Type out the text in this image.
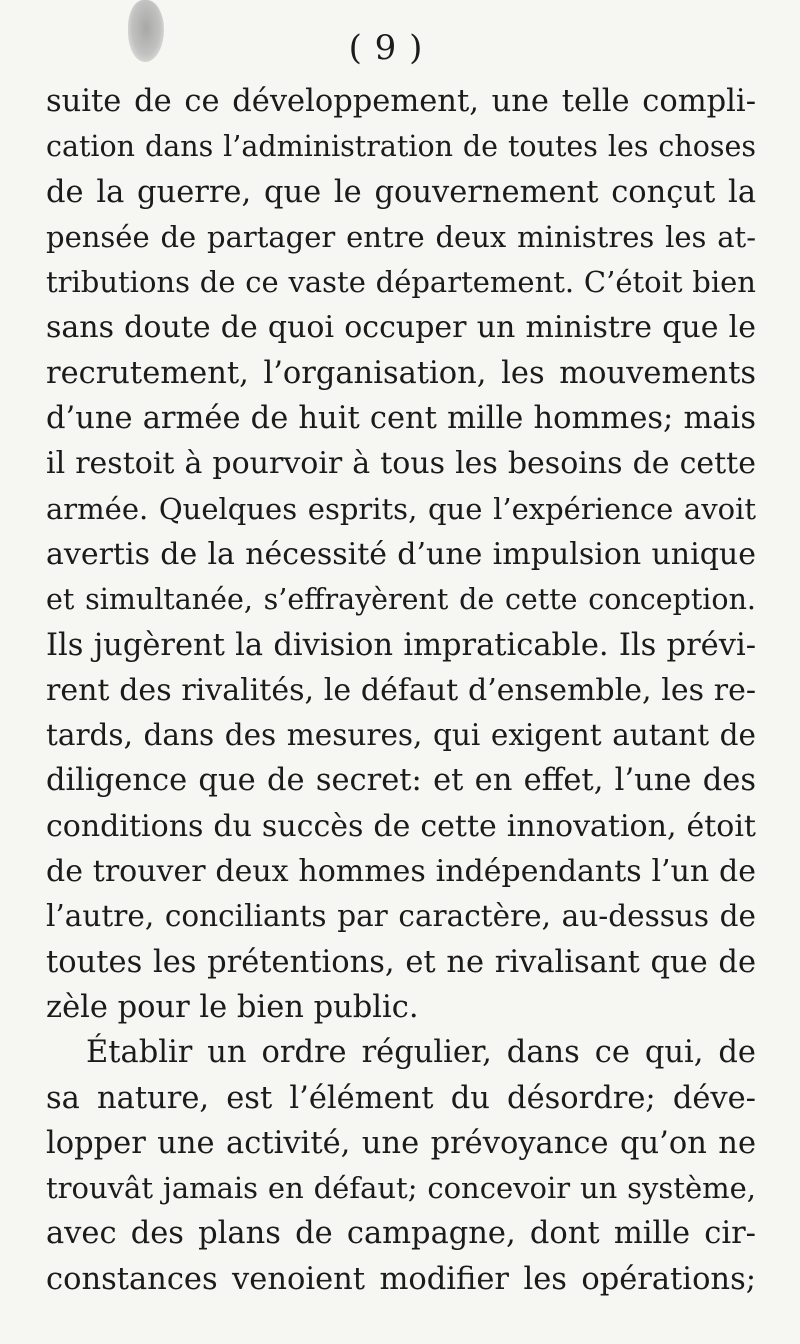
( 9 )
suite de ce développement, une telle compli-
cation dans l’administration de toutes les choses
de la guerre, que le gouvernement conçut la
pensée de partager entre deux ministres les at-
tributions de ce vaste département. C’étoit bien
sans doute de quoi occuper un ministre que le
recrutement, l’organisation, les mouvements
d’une armée de huit cent mille hommes; mais
il restoit à pourvoir à tous les besoins de cette
armée. Quelques esprits, que l’expérience avoit
avertis de la nécessité d’une impulsion unique
et simultanée, s’effrayèrent de cette conception.
Ils jugèrent la division impraticable. Ils prévi-
rent des rivalités, le défaut d’ensemble, les re-
tards, dans des mesures, qui exigent autant de
diligence que de secret: et en effet, l’une des
conditions du succès de cette innovation, étoit
de trouver deux hommes indépendants l’un de
l’autre, conciliants par caractère, au-dessus de
toutes les prétentions, et ne rivalisant que de
zèle pour le bien public.
Établir un ordre régulier, dans ce qui, de
sa nature, est l’élément du désordre; déve-
lopper une activité, une prévoyance qu’on ne
trouvât jamais en défaut; concevoir un système,
avec des plans de campagne, dont mille cir-
constances venoient modifier les opérations;
